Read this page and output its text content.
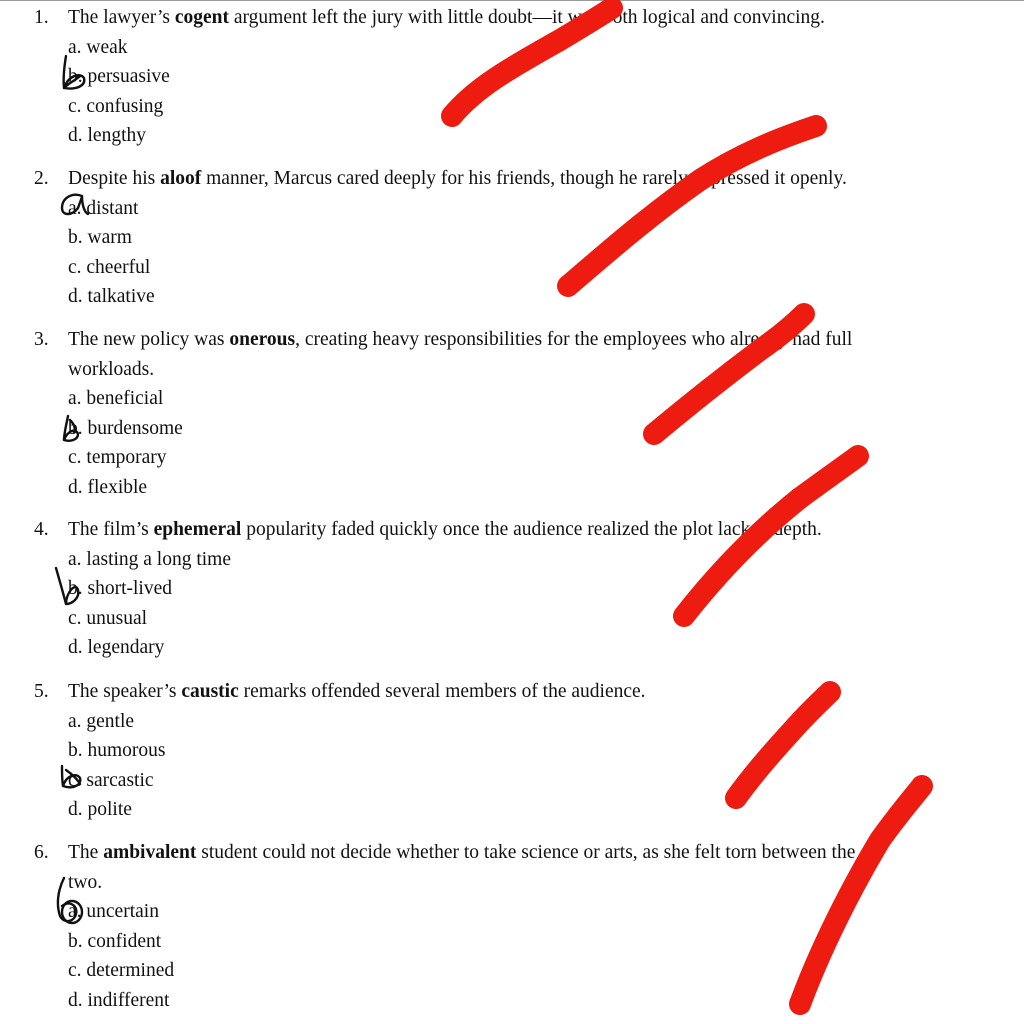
1. The lawyer’s cogent argument left the jury with little doubt—it was both logical and convincing.
a. weak
b. persuasive
c. confusing
d. lengthy
2. Despite his aloof manner, Marcus cared deeply for his friends, though he rarely expressed it openly.
a. distant
b. warm
c. cheerful
d. talkative
3. The new policy was onerous, creating heavy responsibilities for the employees who already had full
workloads.
a. beneficial
b. burdensome
c. temporary
d. flexible
4. The film’s ephemeral popularity faded quickly once the audience realized the plot lacked depth.
a. lasting a long time
b. short-lived
c. unusual
d. legendary
5. The speaker’s caustic remarks offended several members of the audience.
a. gentle
b. humorous
c. sarcastic
d. polite
6. The ambivalent student could not decide whether to take science or arts, as she felt torn between the
two.
a. uncertain
b. confident
c. determined
d. indifferent
